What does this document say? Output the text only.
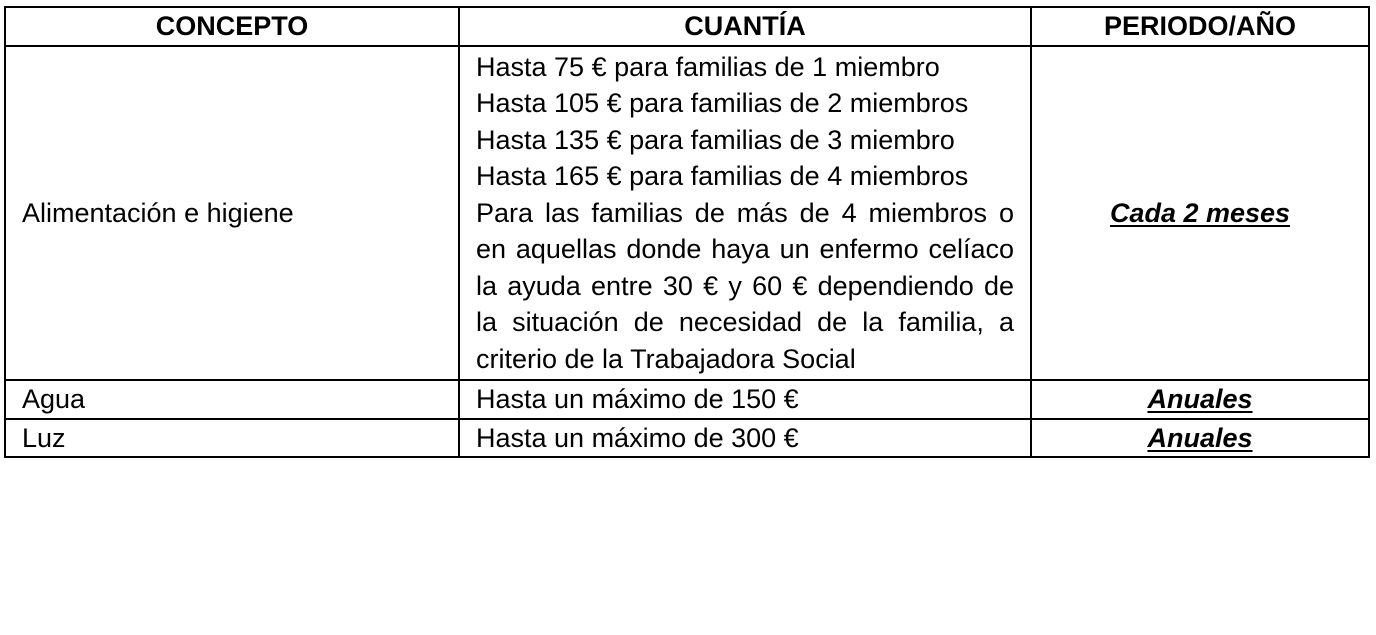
CONCEPTO	CUANTÍA	PERIODO/AÑO
Alimentación e higiene	Hasta 75 € para familias de 1 miembro
Hasta 105 € para familias de 2 miembros
Hasta 135 € para familias de 3 miembro
Hasta 165 € para familias de 4 miembros
Para las familias de más de 4 miembros o en aquellas donde haya un enfermo celíaco la ayuda entre 30 € y 60 € dependiendo de la situación de necesidad de la familia, a criterio de la Trabajadora Social	Cada 2 meses
Agua	Hasta un máximo de 150 €	Anuales
Luz	Hasta un máximo de 300 €	Anuales
